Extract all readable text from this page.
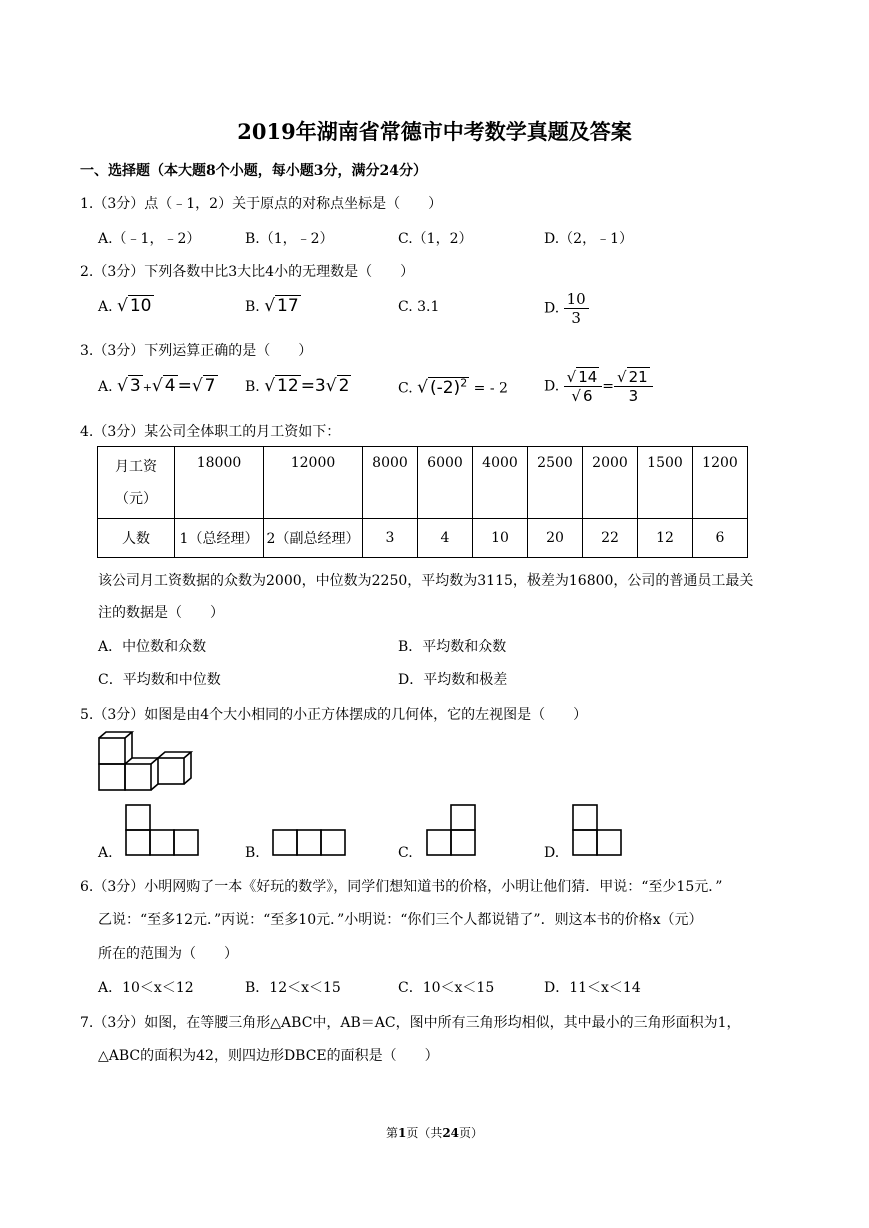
2019年湖南省常德市中考数学真题及答案
一、选择题（本大题8个小题，每小题3分，满分24分）
1.（3分）点（﹣1，2）关于原点的对称点坐标是（　　）
A.（﹣1，﹣2）	B.（1，﹣2）	C.（1，2）	D.（2，﹣1）
2.（3分）下列各数中比3大比4小的无理数是（　　）
A. √ 10	B. √ 17	C. 3.1	D. $\frac{10}{3}$
3.（3分）下列运算正确的是（　　）
A. √ 3 +√ 4 =√ 7 B. √ 12 =3√ 2	C. √ $(-2)^2$ = - 2	D. $\frac{√ 14}{√ 6} = \frac{√ 21}{3}$
4.（3分）某公司全体职工的月工资如下：
月工资
（元）	18000	12000	8000	6000	4000	2500	2000	1500	1200
人数	1（总经理）	2（副总经理）	3	4	10	20	22	12	6
该公司月工资数据的众数为2000，中位数为2250，平均数为3115，极差为16800，公司的普通员工最关
注的数据是（　　）
A．中位数和众数	B．平均数和众数
C．平均数和中位数	D．平均数和极差
5.（3分）如图是由4个大小相同的小正方体摆成的几何体，它的左视图是（　　）
A.	B.	C.	D.
6.（3分）小明网购了一本《好玩的数学》，同学们想知道书的价格，小明让他们猜．甲说：“至少15元．”
乙说：“至多12元．”丙说：“至多10元．”小明说：“你们三个人都说错了”．则这本书的价格x（元）
所在的范围为（　　）
A．10＜x＜12	B．12＜x＜15	C．10＜x＜15	D．11＜x＜14
7.（3分）如图，在等腰三角形△ABC中，AB＝AC，图中所有三角形均相似，其中最小的三角形面积为1，
△ABC的面积为42，则四边形DBCE的面积是（　　）
第1页（共24页）
